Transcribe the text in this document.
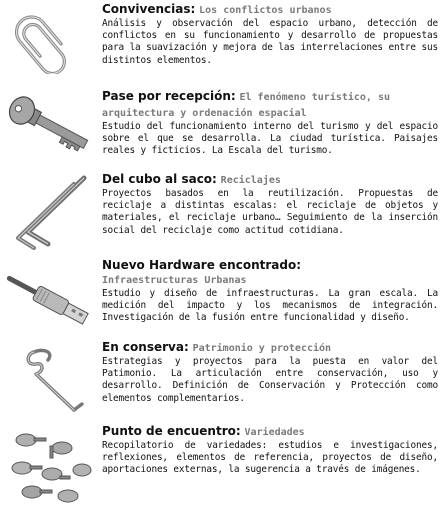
Convivencias: Los conflictos urbanos

Análisis y observación del espacio urbano, detección de conflictos en su funcionamiento y desarrollo de propuestas para la suavización y mejora de las interrelaciones entre sus distintos elementos.

Pase por recepción: El fenómeno turístico, su arquitectura y ordenación espacial

Estudio del funcionamiento interno del turismo y del espacio sobre el que se desarrolla. La ciudad turística. Paisajes reales y ficticios. La Escala del turismo.

Del cubo al saco: Reciclajes

Proyectos basados en la reutilización. Propuestas de reciclaje a distintas escalas: el reciclaje de objetos y materiales, el reciclaje urbano… Seguimiento de la inserción social del reciclaje como actitud cotidiana.

Nuevo Hardware encontrado:
Infraestructuras Urbanas

Estudio y diseño de infraestructuras. La gran escala. La medición del impacto y los mecanismos de integración. Investigación de la fusión entre funcionalidad y diseño.

En conserva: Patrimonio y protección

Estrategias y proyectos para la puesta en valor del Patimonio. La articulación entre conservación, uso y desarrollo. Definición de Conservación y Protección como elementos complementarios.

Punto de encuentro: Variedades

Recopilatorio de variedades: estudios e investigaciones, reflexiones, elementos de referencia, proyectos de diseño, aportaciones externas, la sugerencia a través de imágenes.
